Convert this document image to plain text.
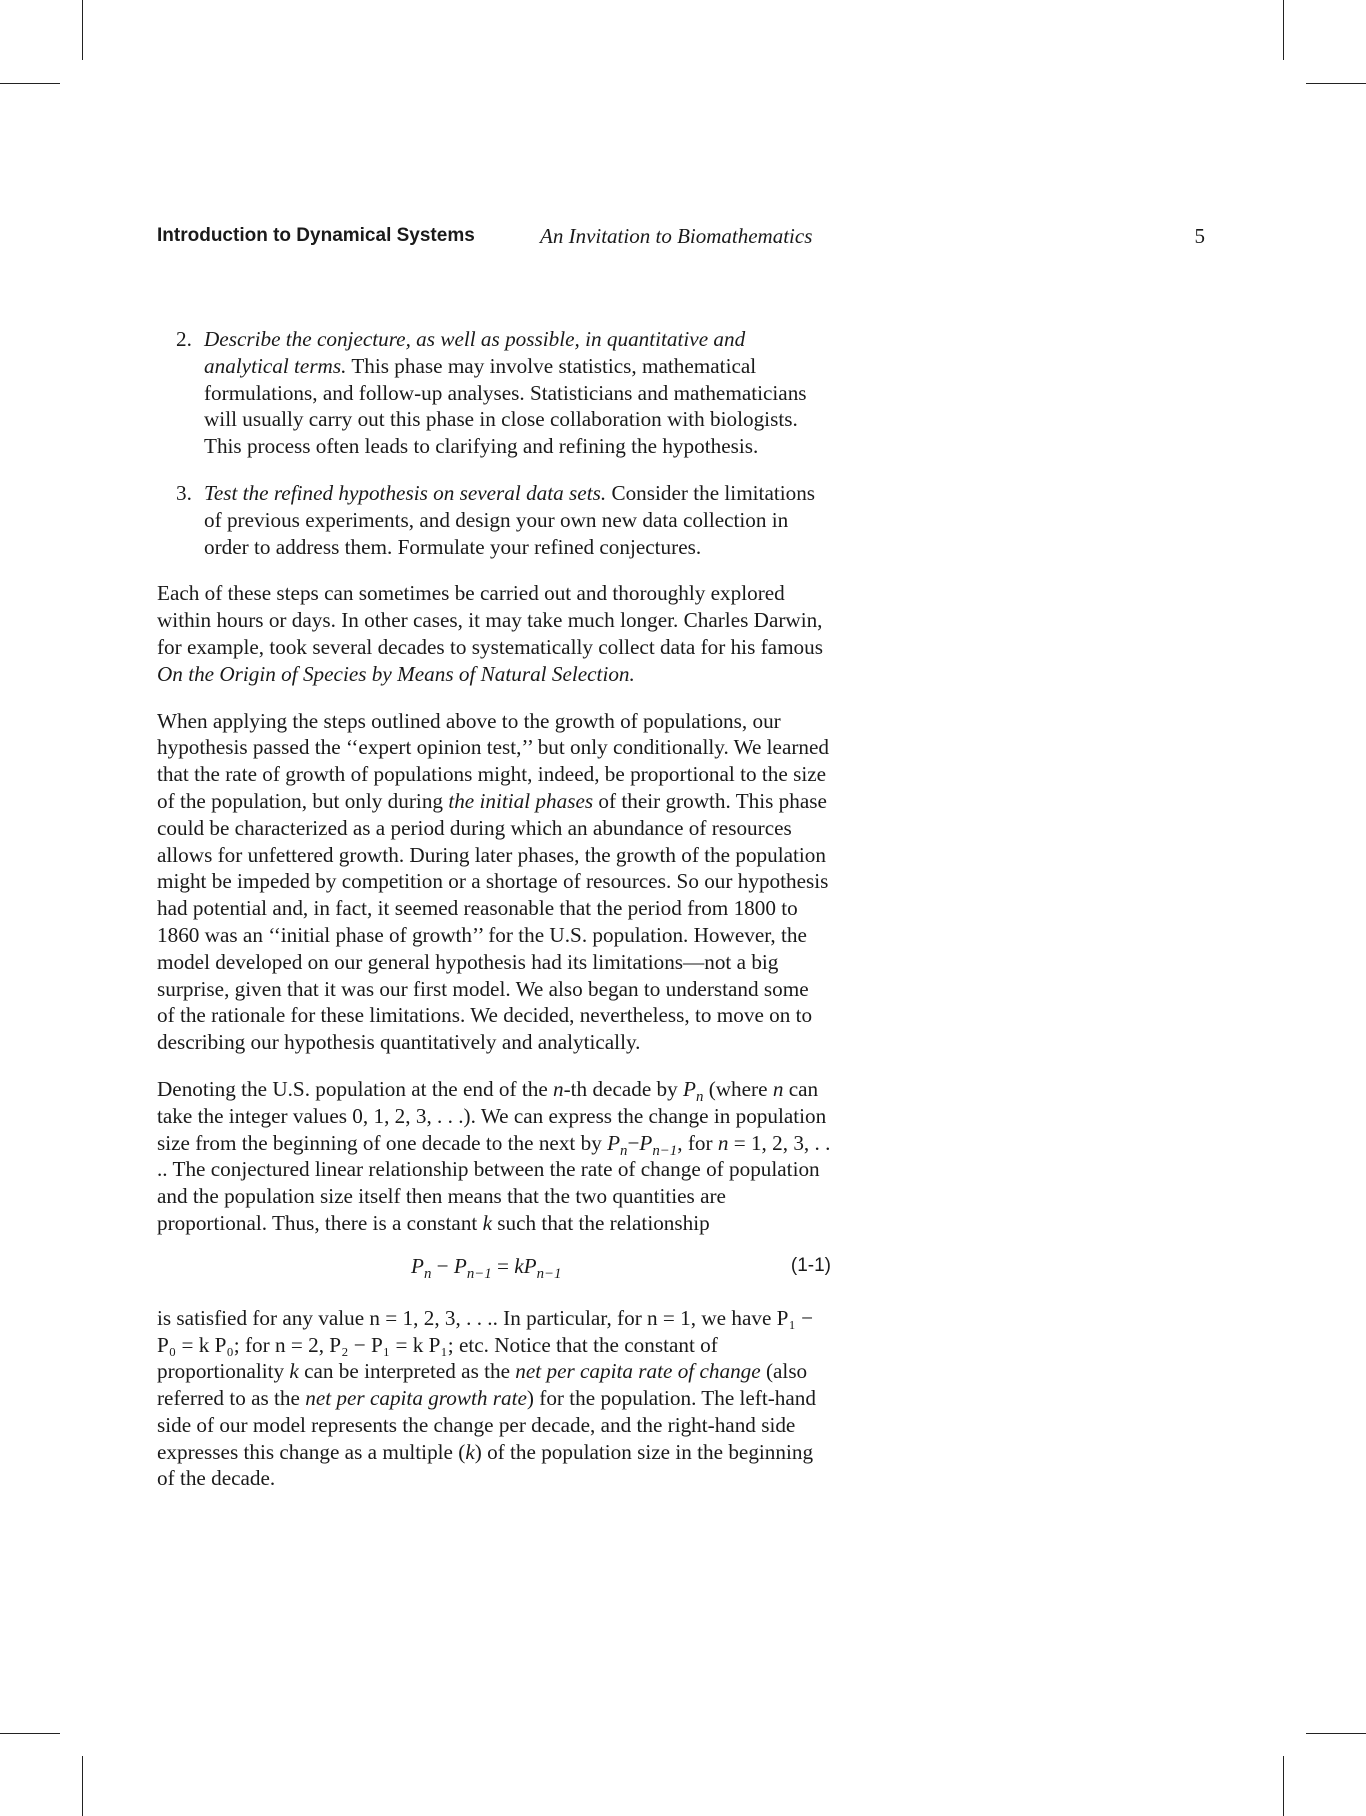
Introduction to Dynamical Systems	An Invitation to Biomathematics	5
2. Describe the conjecture, as well as possible, in quantitative and analytical terms. This phase may involve statistics, mathematical formulations, and follow-up analyses. Statisticians and mathematicians will usually carry out this phase in close collaboration with biologists. This process often leads to clarifying and refining the hypothesis.
3. Test the refined hypothesis on several data sets. Consider the limitations of previous experiments, and design your own new data collection in order to address them. Formulate your refined conjectures.

Each of these steps can sometimes be carried out and thoroughly explored within hours or days. In other cases, it may take much longer. Charles Darwin, for example, took several decades to systematically collect data for his famous On the Origin of Species by Means of Natural Selection.

When applying the steps outlined above to the growth of populations, our hypothesis passed the ‘‘expert opinion test,’’ but only conditionally. We learned that the rate of growth of populations might, indeed, be proportional to the size of the population, but only during the initial phases of their growth. This phase could be characterized as a period during which an abundance of resources allows for unfettered growth. During later phases, the growth of the population might be impeded by competition or a shortage of resources. So our hypothesis had potential and, in fact, it seemed reasonable that the period from 1800 to 1860 was an ‘‘initial phase of growth’’ for the U.S. population. However, the model developed on our general hypothesis had its limitations—not a big surprise, given that it was our first model. We also began to understand some of the rationale for these limitations. We decided, nevertheless, to move on to describing our hypothesis quantitatively and analytically.

Denoting the U.S. population at the end of the n-th decade by $P_n$ (where n can take the integer values 0, 1, 2, 3, . . .). We can express the change in population size from the beginning of one decade to the next by $P_n-P_{n-1}$, for n = 1, 2, 3, . . .. The conjectured linear relationship between the rate of change of population and the population size itself then means that the two quantities are proportional. Thus, there is a constant k such that the relationship

$P_n - P_{n-1} = kP_{n-1}$	(1-1)

is satisfied for any value n = 1, 2, 3, . . .. In particular, for n = 1, we have P₁ − P₀ = k P₀; for n = 2, P₂ − P₁ = k P₁; etc. Notice that the constant of proportionality k can be interpreted as the net per capita rate of change (also referred to as the net per capita growth rate) for the population. The left-hand side of our model represents the change per decade, and the right-hand side expresses this change as a multiple (k) of the population size in the beginning of the decade.
